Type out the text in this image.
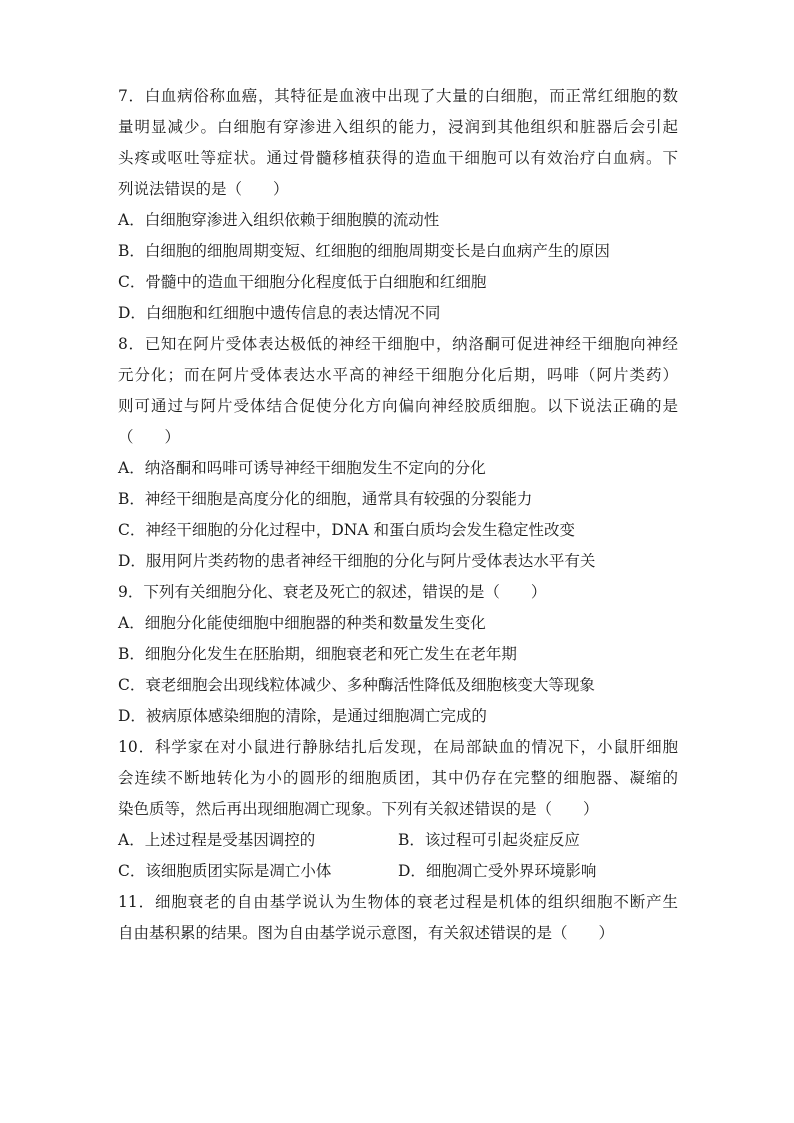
7．白血病俗称血癌，其特征是血液中出现了大量的白细胞，而正常红细胞的数
量明显减少。白细胞有穿渗进入组织的能力，浸润到其他组织和脏器后会引起
头疼或呕吐等症状。通过骨髓移植获得的造血干细胞可以有效治疗白血病。下
列说法错误的是（　　）
A．白细胞穿渗进入组织依赖于细胞膜的流动性
B．白细胞的细胞周期变短、红细胞的细胞周期变长是白血病产生的原因
C．骨髓中的造血干细胞分化程度低于白细胞和红细胞
D．白细胞和红细胞中遗传信息的表达情况不同
8．已知在阿片受体表达极低的神经干细胞中，纳洛酮可促进神经干细胞向神经
元分化；而在阿片受体表达水平高的神经干细胞分化后期，吗啡（阿片类药）
则可通过与阿片受体结合促使分化方向偏向神经胶质细胞。以下说法正确的是
（　　）
A．纳洛酮和吗啡可诱导神经干细胞发生不定向的分化
B．神经干细胞是高度分化的细胞，通常具有较强的分裂能力
C．神经干细胞的分化过程中，DNA 和蛋白质均会发生稳定性改变
D．服用阿片类药物的患者神经干细胞的分化与阿片受体表达水平有关
9．下列有关细胞分化、衰老及死亡的叙述，错误的是（　　）
A．细胞分化能使细胞中细胞器的种类和数量发生变化
B．细胞分化发生在胚胎期，细胞衰老和死亡发生在老年期
C．衰老细胞会出现线粒体减少、多种酶活性降低及细胞核变大等现象
D．被病原体感染细胞的清除，是通过细胞凋亡完成的
10．科学家在对小鼠进行静脉结扎后发现，在局部缺血的情况下，小鼠肝细胞
会连续不断地转化为小的圆形的细胞质团，其中仍存在完整的细胞器、凝缩的
染色质等，然后再出现细胞凋亡现象。下列有关叙述错误的是（　　）
A．上述过程是受基因调控的	B．该过程可引起炎症反应
C．该细胞质团实际是凋亡小体	D．细胞凋亡受外界环境影响
11．细胞衰老的自由基学说认为生物体的衰老过程是机体的组织细胞不断产生
自由基积累的结果。图为自由基学说示意图，有关叙述错误的是（　　）
